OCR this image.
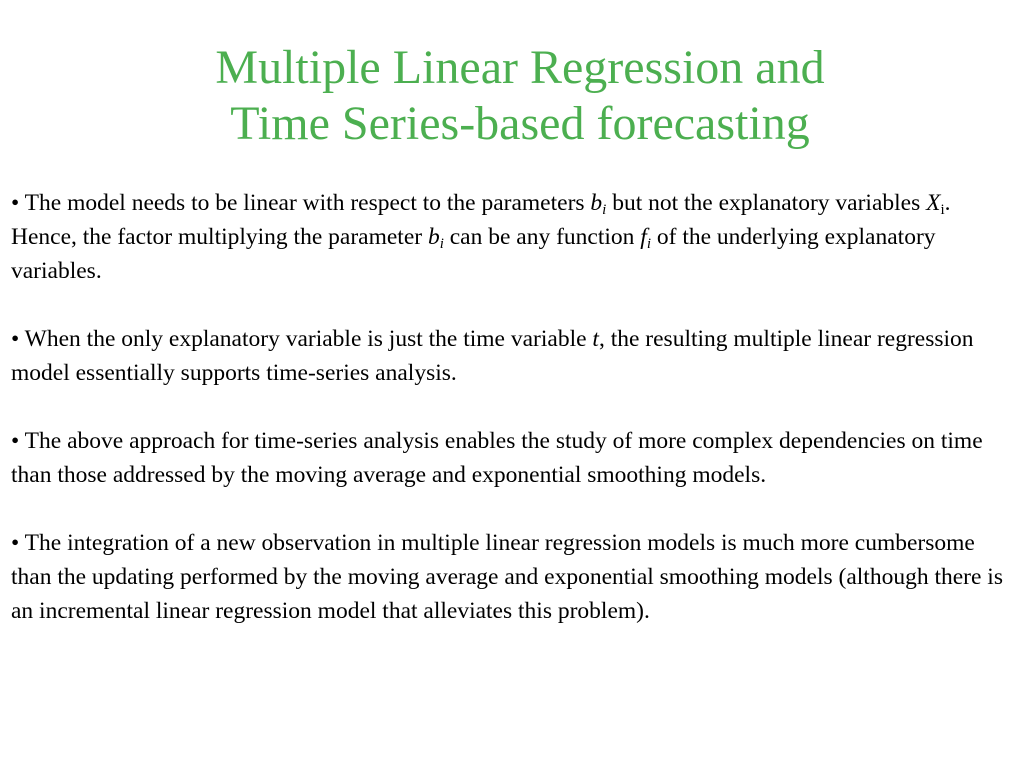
Multiple Linear Regression and
Time Series-based forecasting

• The model needs to be linear with respect to the parameters $b_i$ but not the explanatory variables $X_i$. Hence, the factor multiplying the parameter $b_i$ can be any function $f_i$ of the underlying explanatory variables.

• When the only explanatory variable is just the time variable t, the resulting multiple linear regression model essentially supports time-series analysis.

• The above approach for time-series analysis enables the study of more complex dependencies on time than those addressed by the moving average and exponential smoothing models.

• The integration of a new observation in multiple linear regression models is much more cumbersome than the updating performed by the moving average and exponential smoothing models (although there is an incremental linear regression model that alleviates this problem).
